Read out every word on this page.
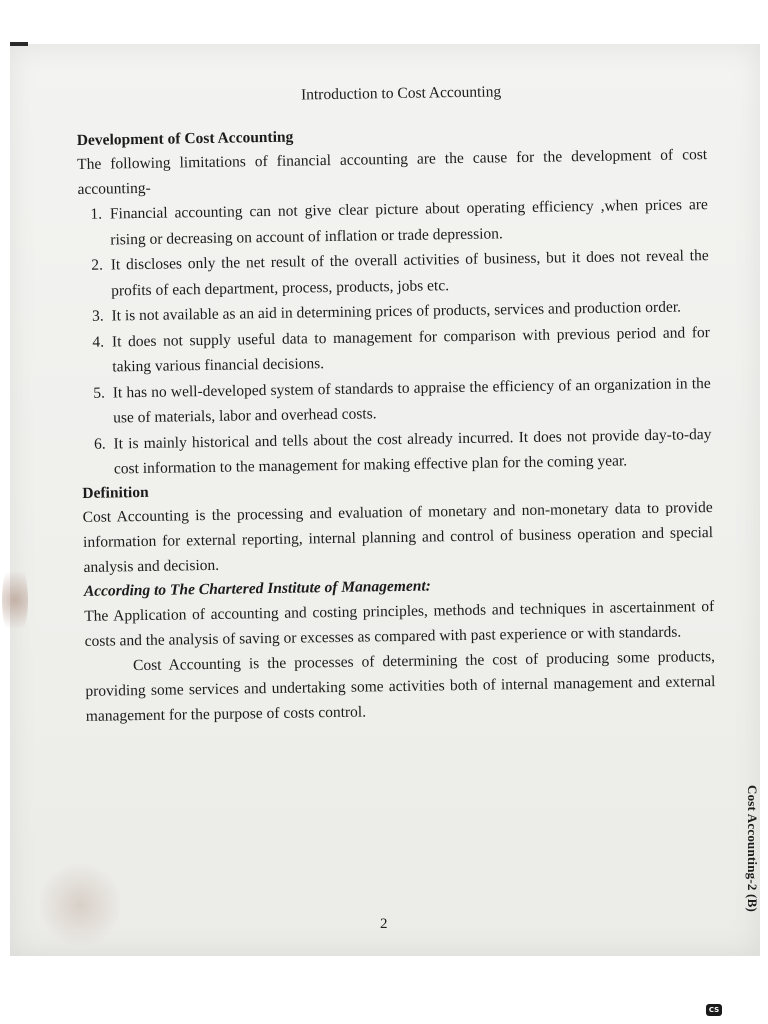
Introduction to Cost Accounting
Development of Cost Accounting

The following limitations of financial accounting are the cause for the development of cost accounting-

1. Financial accounting can not give clear picture about operating efficiency ,when prices are rising or decreasing on account of inflation or trade depression.
2. It discloses only the net result of the overall activities of business, but it does not reveal the profits of each department, process, products, jobs etc.
3. It is not available as an aid in determining prices of products, services and production order.
4. It does not supply useful data to management for comparison with previous period and for taking various financial decisions.
5. It has no well-developed system of standards to appraise the efficiency of an organization in the use of materials, labor and overhead costs.
6. It is mainly historical and tells about the cost already incurred. It does not provide day-to-day cost information to the management for making effective plan for the coming year.
Definition

Cost Accounting is the processing and evaluation of monetary and non-monetary data to provide information for external reporting, internal planning and control of business operation and special analysis and decision.

According to The Chartered Institute of Management:

The Application of accounting and costing principles, methods and techniques in ascertainment of costs and the analysis of saving or excesses as compared with past experience or with standards.

Cost Accounting is the processes of determining the cost of producing some products, providing some services and undertaking some activities both of internal management and external management for the purpose of costs control.

2
Cost Accounting-2 (B)
CS
